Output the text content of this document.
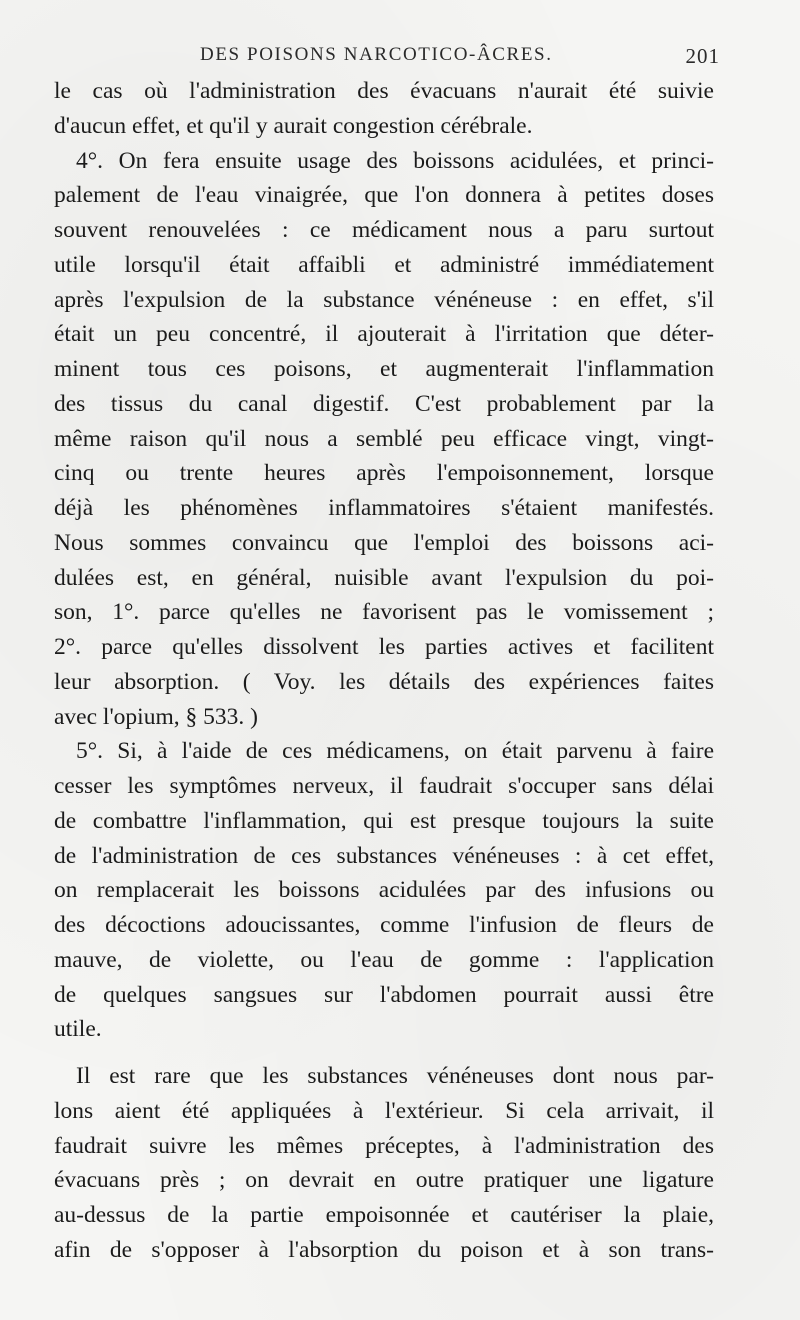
DES POISONS NARCOTICO-ÂCRES.	201
le cas où l'administration des évacuans n'aurait été suivie
d'aucun effet, et qu'il y aurait congestion cérébrale.
4°. On fera ensuite usage des boissons acidulées, et princi-
palement de l'eau vinaigrée, que l'on donnera à petites doses
souvent renouvelées : ce médicament nous a paru surtout
utile lorsqu'il était affaibli et administré immédiatement
après l'expulsion de la substance vénéneuse : en effet, s'il
était un peu concentré, il ajouterait à l'irritation que déter-
minent tous ces poisons, et augmenterait l'inflammation
des tissus du canal digestif. C'est probablement par la
même raison qu'il nous a semblé peu efficace vingt, vingt-
cinq ou trente heures après l'empoisonnement, lorsque
déjà les phénomènes inflammatoires s'étaient manifestés.
Nous sommes convaincu que l'emploi des boissons aci-
dulées est, en général, nuisible avant l'expulsion du poi-
son, 1°. parce qu'elles ne favorisent pas le vomissement ;
2°. parce qu'elles dissolvent les parties actives et facilitent
leur absorption. ( Voy. les détails des expériences faites
avec l'opium, § 533. )
5°. Si, à l'aide de ces médicamens, on était parvenu à faire
cesser les symptômes nerveux, il faudrait s'occuper sans délai
de combattre l'inflammation, qui est presque toujours la suite
de l'administration de ces substances vénéneuses : à cet effet,
on remplacerait les boissons acidulées par des infusions ou
des décoctions adoucissantes, comme l'infusion de fleurs de
mauve, de violette, ou l'eau de gomme : l'application
de quelques sangsues sur l'abdomen pourrait aussi être
utile.
Il est rare que les substances vénéneuses dont nous par-
lons aient été appliquées à l'extérieur. Si cela arrivait, il
faudrait suivre les mêmes préceptes, à l'administration des
évacuans près ; on devrait en outre pratiquer une ligature
au-dessus de la partie empoisonnée et cautériser la plaie,
afin de s'opposer à l'absorption du poison et à son trans-
